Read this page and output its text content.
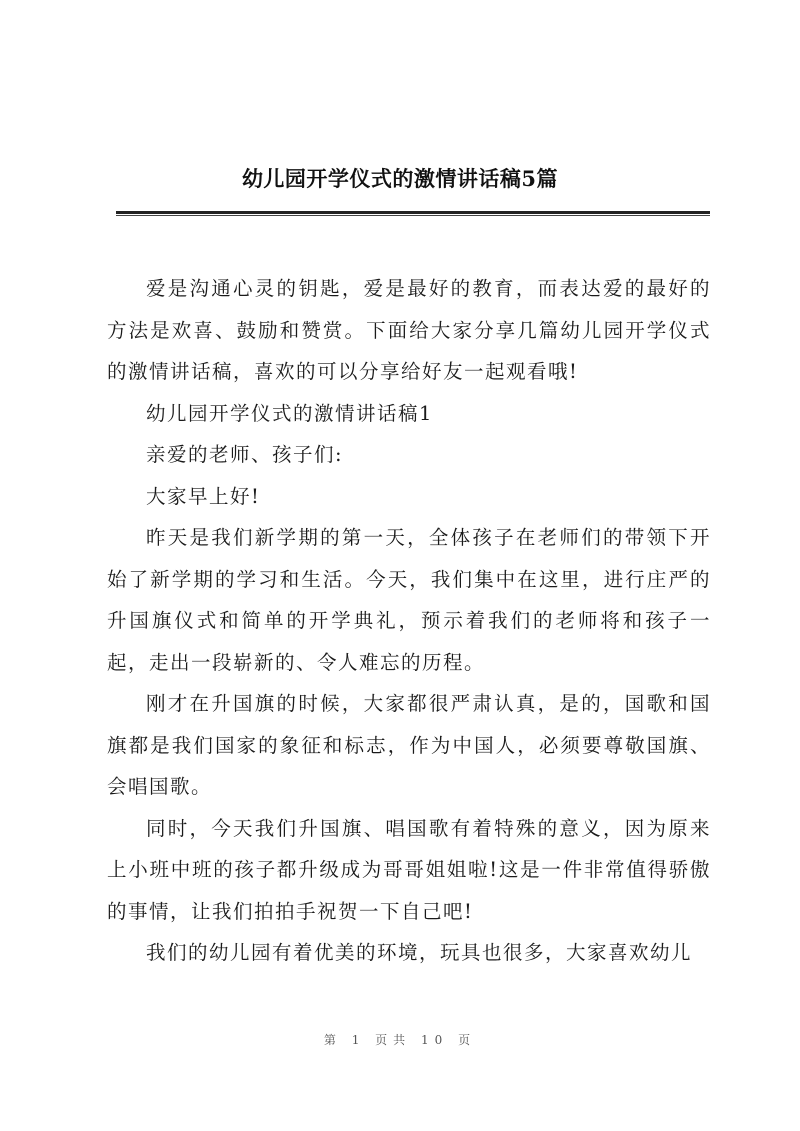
幼儿园开学仪式的激情讲话稿5篇

爱是沟通心灵的钥匙，爱是最好的教育，而表达爱的最好的方法是欢喜、鼓励和赞赏。下面给大家分享几篇幼儿园开学仪式的激情讲话稿，喜欢的可以分享给好友一起观看哦!

幼儿园开学仪式的激情讲话稿1

亲爱的老师、孩子们:

大家早上好!

昨天是我们新学期的第一天，全体孩子在老师们的带领下开始了新学期的学习和生活。今天，我们集中在这里，进行庄严的升国旗仪式和简单的开学典礼，预示着我们的老师将和孩子一起，走出一段崭新的、令人难忘的历程。

刚才在升国旗的时候，大家都很严肃认真，是的，国歌和国旗都是我们国家的象征和标志，作为中国人，必须要尊敬国旗、会唱国歌。

同时，今天我们升国旗、唱国歌有着特殊的意义，因为原来上小班中班的孩子都升级成为哥哥姐姐啦!这是一件非常值得骄傲的事情，让我们拍拍手祝贺一下自己吧!

我们的幼儿园有着优美的环境，玩具也很多，大家喜欢幼儿

第 1 页共 10 页
